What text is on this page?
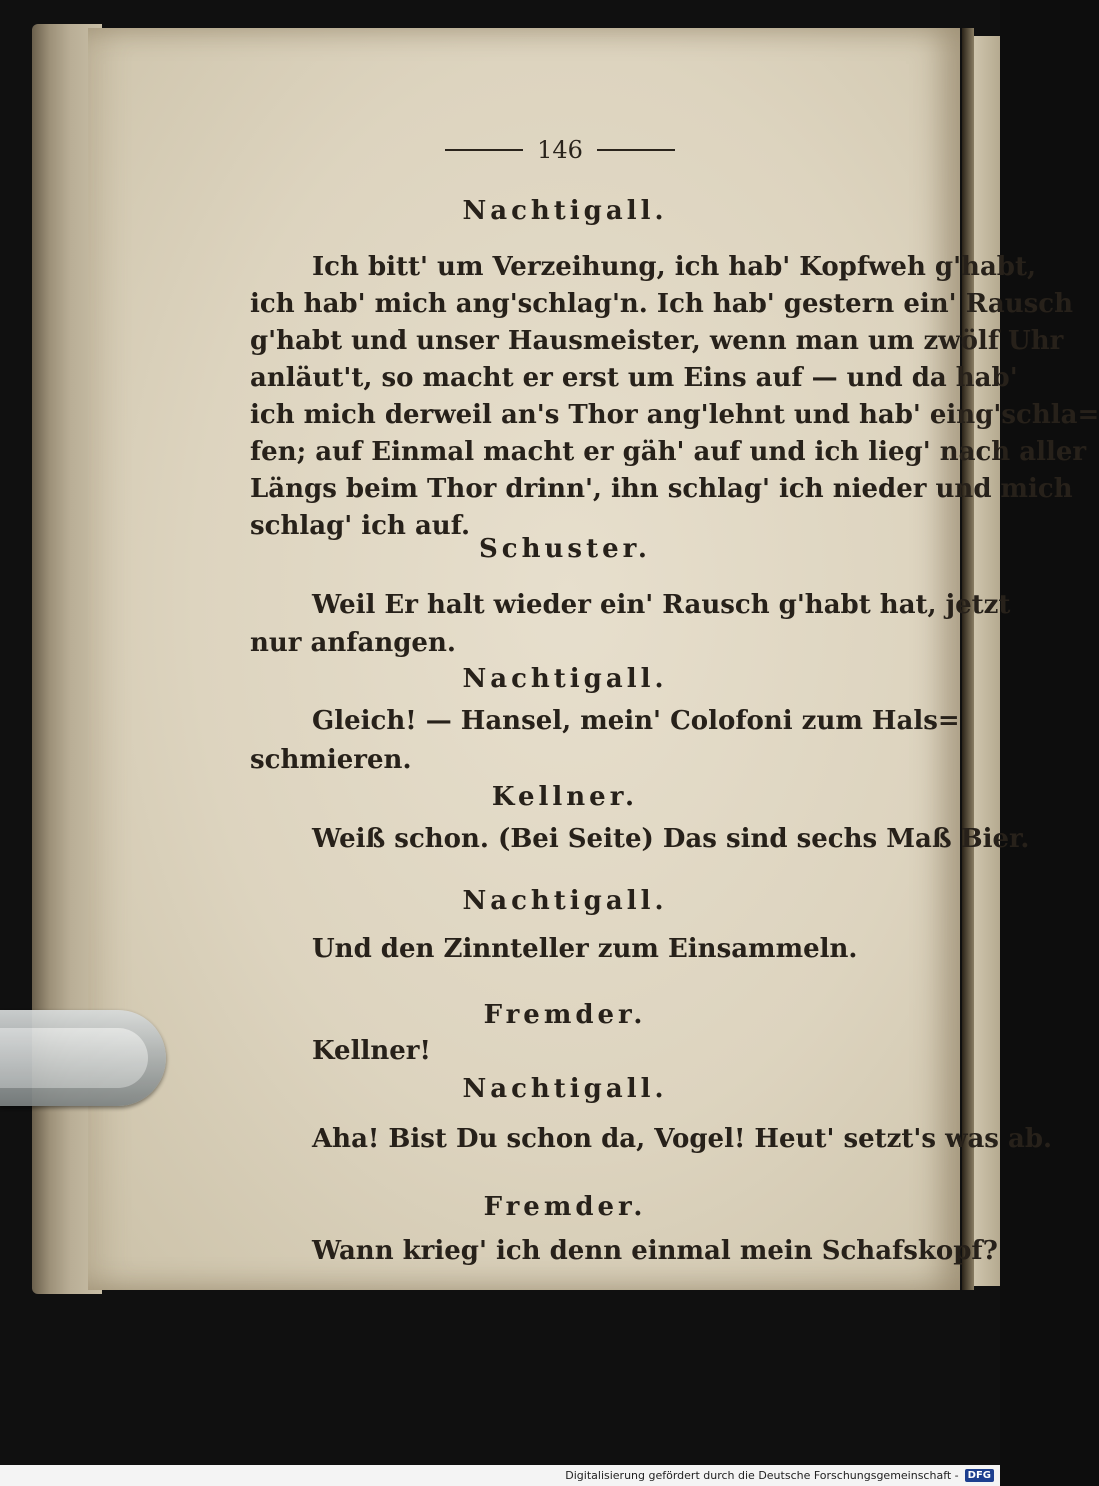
146
Nachtigall.
Ich bitt' um Verzeihung, ich hab' Kopfweh g'habt,
ich hab' mich ang'schlag'n. Ich hab' gestern ein' Rausch
g'habt und unser Hausmeister, wenn man um zwölf Uhr
anläut't, so macht er erst um Eins auf — und da hab'
ich mich derweil an's Thor ang'lehnt und hab' eing'schla=
fen; auf Einmal macht er gäh' auf und ich lieg' nach aller
Längs beim Thor drinn', ihn schlag' ich nieder und mich
schlag' ich auf.
Schuster.
Weil Er halt wieder ein' Rausch g'habt hat, jetzt
nur anfangen.
Nachtigall.
Gleich! — Hansel, mein' Colofoni zum Hals=
schmieren.
Kellner.
Weiß schon. (Bei Seite) Das sind sechs Maß Bier.
Nachtigall.
Und den Zinnteller zum Einsammeln.
Fremder.
Kellner!
Nachtigall.
Aha! Bist Du schon da, Vogel! Heut' setzt's was ab.
Fremder.
Wann krieg' ich denn einmal mein Schafskopf?
Digitalisierung gefördert durch die Deutsche Forschungsgemeinschaft - DFG
